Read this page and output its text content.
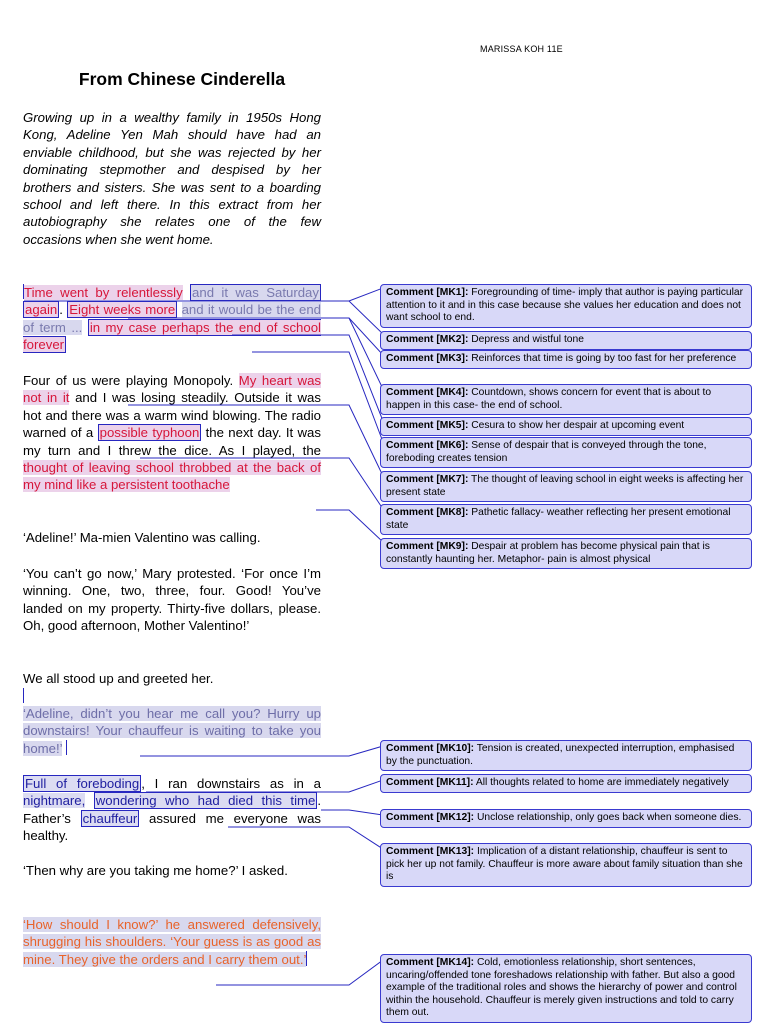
MARISSA KOH 11E
From Chinese Cinderella
Growing up in a wealthy family in 1950s Hong Kong, Adeline Yen Mah should have had an enviable childhood, but she was rejected by her dominating stepmother and despised by her brothers and sisters. She was sent to a boarding school and left there. In this extract from her autobiography she relates one of the few occasions when she went home.
Time went by relentlessly and it was Saturday again . Eight weeks more and it would be the end of term ... in my case perhaps the end of school forever
Four of us were playing Monopoly. My heart was not in it and I was losing steadily. Outside it was hot and there was a warm wind blowing. The radio warned of a possible typhoon the next day. It was my turn and I threw the dice. As I played, the thought of leaving school throbbed at the back of my mind like a persistent toothache
‘Adeline!’ Ma-mien Valentino was calling.
‘You can’t go now,’ Mary protested. ‘For once I’m winning. One, two, three, four. Good! You’ve landed on my property. Thirty-five dollars, please. Oh, good afternoon, Mother Valentino!’
We all stood up and greeted her.
‘Adeline, didn’t you hear me call you? Hurry up downstairs! Your chauffeur is waiting to take you home!’
Full of foreboding , I ran downstairs as in a nightmare, wondering who had died this time . Father’s chauffeur assured me everyone was healthy.
‘Then why are you taking me home?’ I asked.
‘How should I know?’ he answered defensively, shrugging his shoulders. ‘Your guess is as good as mine. They give the orders and I carry them out.’
Comment [MK1]: Foregrounding of time- imply that author is paying particular attention to it and in this case because she values her education and does not want school to end.
Comment [MK2]: Depress and wistful tone
Comment [MK3]: Reinforces that time is going by too fast for her preference
Comment [MK4]: Countdown, shows concern for event that is about to happen in this case- the end of school.
Comment [MK5]: Cesura to show her despair at upcoming event
Comment [MK6]: Sense of despair that is conveyed through the tone, foreboding creates tension
Comment [MK7]: The thought of leaving school in eight weeks is affecting her present state
Comment [MK8]: Pathetic fallacy- weather reflecting her present emotional state
Comment [MK9]: Despair at problem has become physical pain that is constantly haunting her. Metaphor- pain is almost physical
Comment [MK10]: Tension is created, unexpected interruption, emphasised by the punctuation.
Comment [MK11]: All thoughts related to home are immediately negatively
Comment [MK12]: Unclose relationship, only goes back when someone dies.
Comment [MK13]: Implication of a distant relationship, chauffeur is sent to pick her up not family. Chauffeur is more aware about family situation than she is
Comment [MK14]: Cold, emotionless relationship, short sentences, uncaring/offended tone foreshadows relationship with father. But also a good example of the traditional roles and shows the hierarchy of power and control within the household. Chauffeur is merely given instructions and told to carry them out.
